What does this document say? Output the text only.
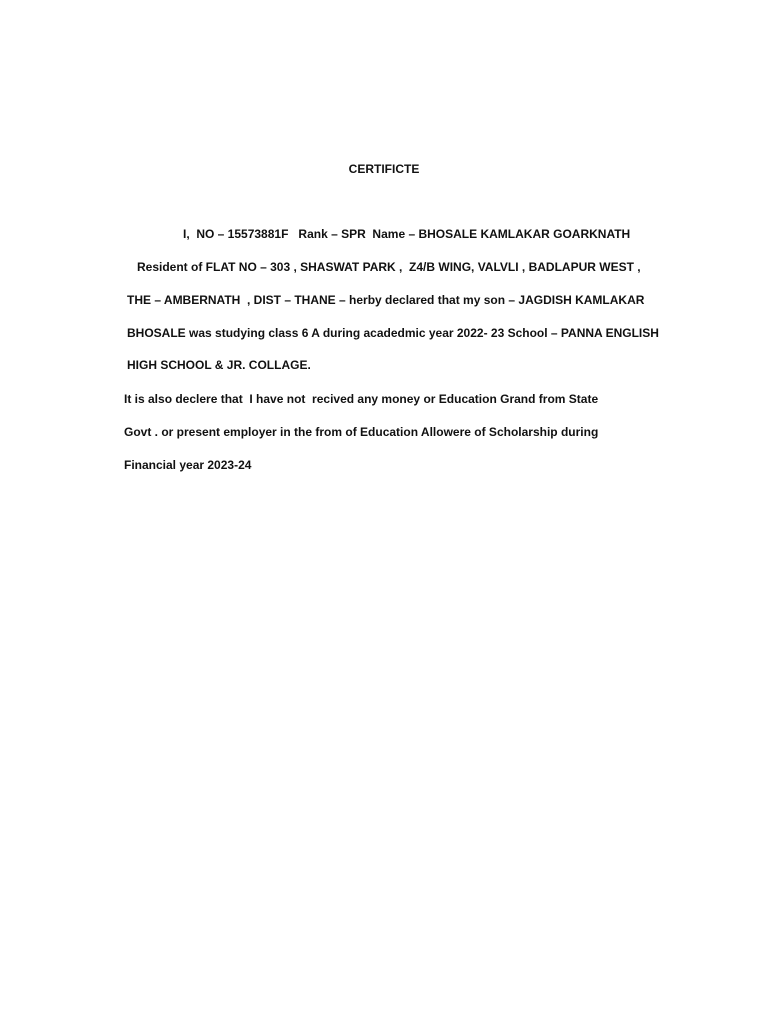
CERTIFICTE
I,  NO – 15573881F   Rank – SPR  Name – BHOSALE KAMLAKAR GOARKNATH
Resident of FLAT NO – 303 , SHASWAT PARK ,  Z4/B WING, VALVLI , BADLAPUR WEST ,
THE – AMBERNATH  , DIST – THANE – herby declared that my son – JAGDISH KAMLAKAR
BHOSALE was studying class 6 A during acadedmic year 2022- 23 School – PANNA ENGLISH
HIGH SCHOOL & JR. COLLAGE.
It is also declere that  I have not  recived any money or Education Grand from State
Govt . or present employer in the from of Education Allowere of Scholarship during
Financial year 2023-24
